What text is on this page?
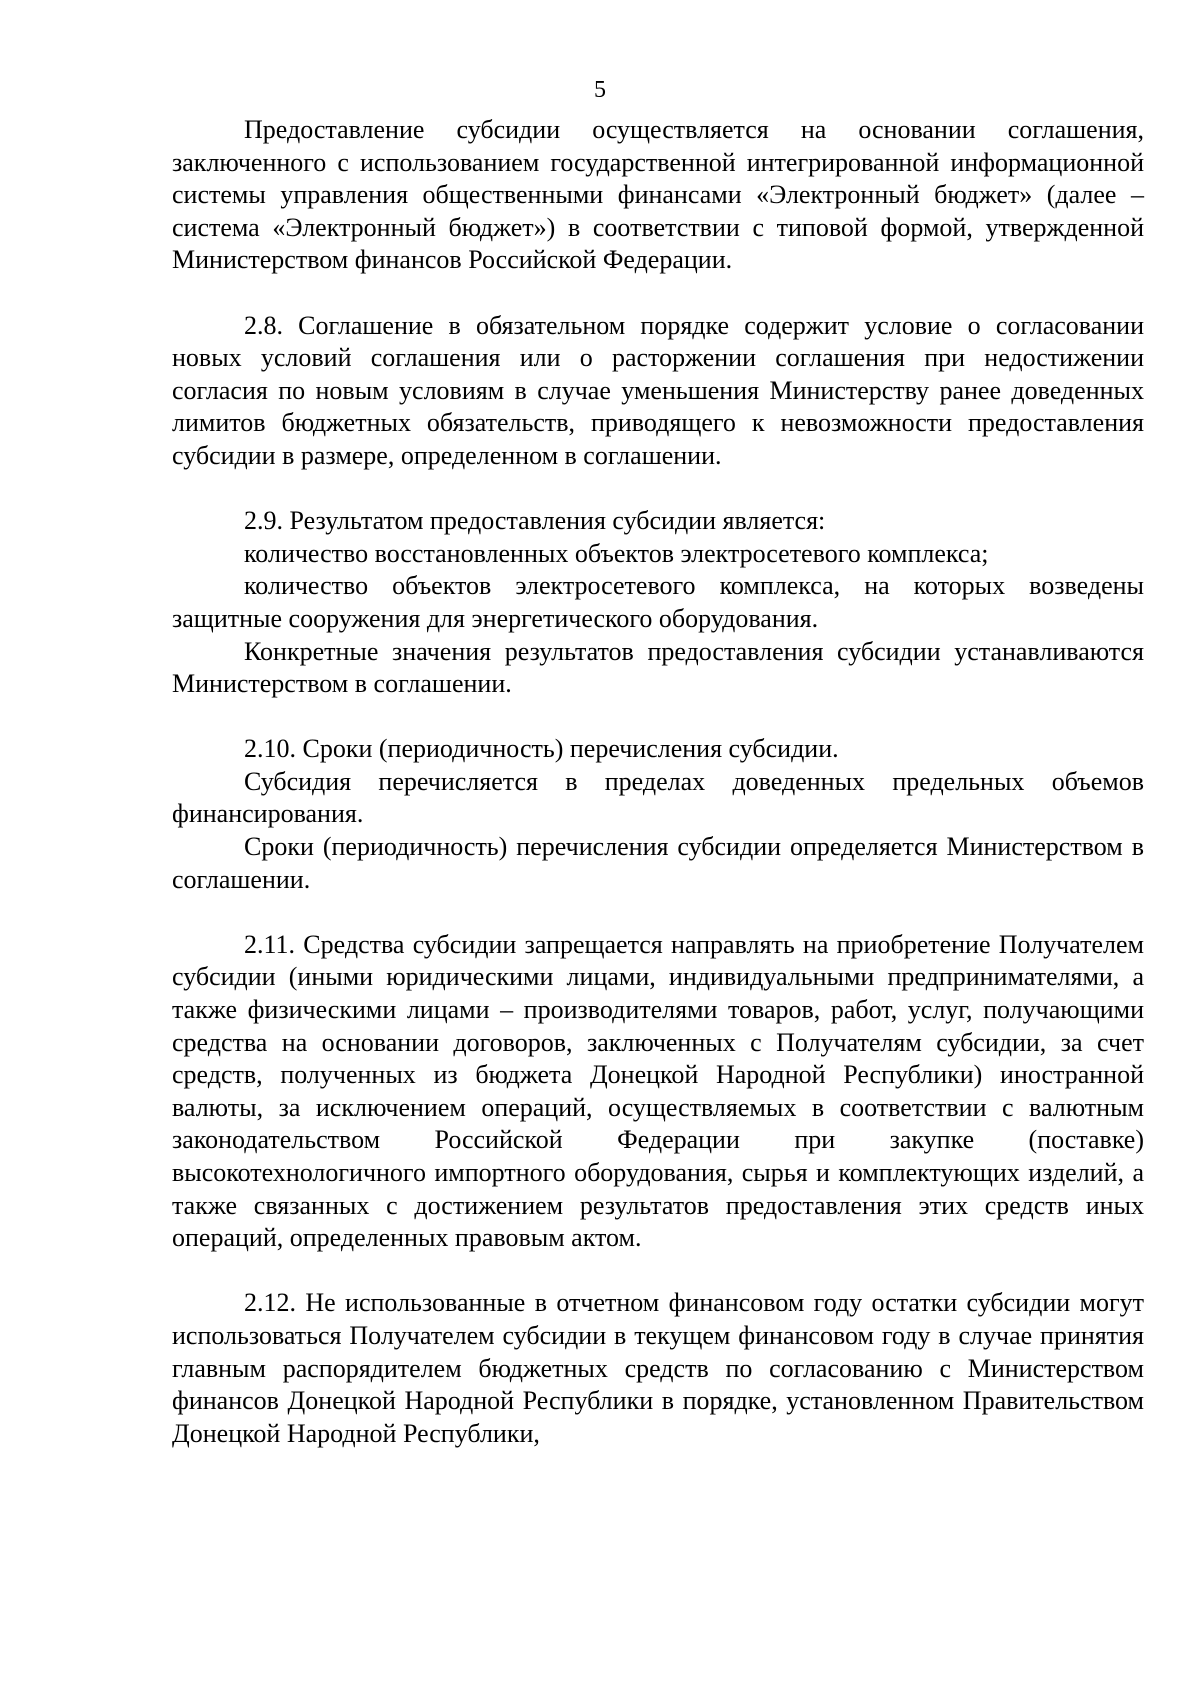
5

Предоставление субсидии осуществляется на основании соглашения, заключенного с использованием государственной интегрированной информационной системы управления общественными финансами «Электронный бюджет» (далее – система «Электронный бюджет») в соответствии с типовой формой, утвержденной Министерством финансов Российской Федерации.

2.8. Соглашение в обязательном порядке содержит условие о согласовании новых условий соглашения или о расторжении соглашения при недостижении согласия по новым условиям в случае уменьшения Министерству ранее доведенных лимитов бюджетных обязательств, приводящего к невозможности предоставления субсидии в размере, определенном в соглашении.

2.9. Результатом предоставления субсидии является:

количество восстановленных объектов электросетевого комплекса;

количество объектов электросетевого комплекса, на которых возведены защитные сооружения для энергетического оборудования.

Конкретные значения результатов предоставления субсидии устанавливаются Министерством в соглашении.

2.10. Сроки (периодичность) перечисления субсидии.

Субсидия перечисляется в пределах доведенных предельных объемов финансирования.

Сроки (периодичность) перечисления субсидии определяется Министерством в соглашении.

2.11. Средства субсидии запрещается направлять на приобретение Получателем субсидии (иными юридическими лицами, индивидуальными предпринимателями, а также физическими лицами – производителями товаров, работ, услуг, получающими средства на основании договоров, заключенных с Получателям субсидии, за счет средств, полученных из бюджета Донецкой Народной Республики) иностранной валюты, за исключением операций, осуществляемых в соответствии с валютным законодательством Российской Федерации при закупке (поставке) высокотехнологичного импортного оборудования, сырья и комплектующих изделий, а также связанных с достижением результатов предоставления этих средств иных операций, определенных правовым актом.

2.12. Не использованные в отчетном финансовом году остатки субсидии могут использоваться Получателем субсидии в текущем финансовом году в случае принятия главным распорядителем бюджетных средств по согласованию с Министерством финансов Донецкой Народной Республики в порядке, установленном Правительством Донецкой Народной Республики,
